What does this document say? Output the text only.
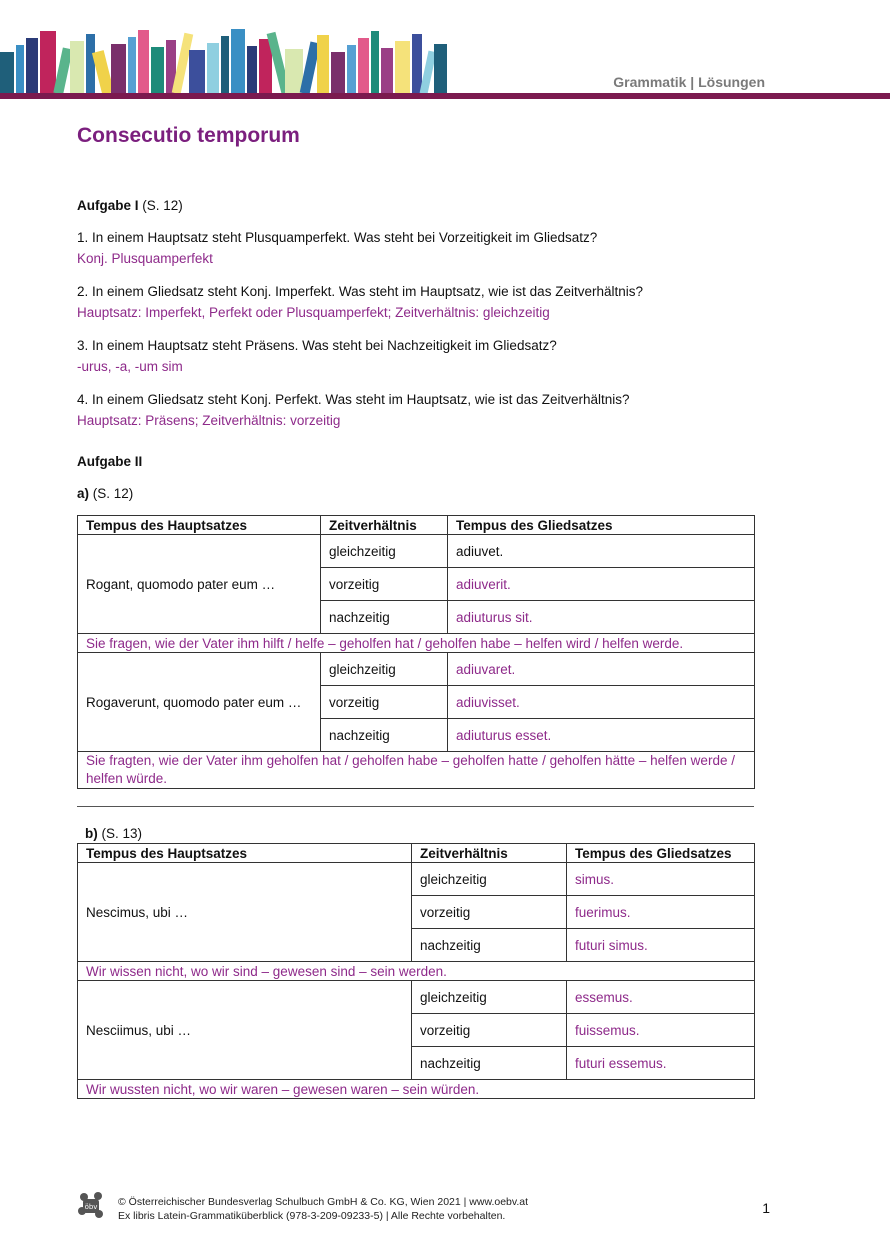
Grammatik | Lösungen
Consecutio temporum
Aufgabe I (S. 12)
1. In einem Hauptsatz steht Plusquamperfekt. Was steht bei Vorzeitigkeit im Gliedsatz?
Konj. Plusquamperfekt
2. In einem Gliedsatz steht Konj. Imperfekt. Was steht im Hauptsatz, wie ist das Zeitverhältnis?
Hauptsatz: Imperfekt, Perfekt oder Plusquamperfekt; Zeitverhältnis: gleichzeitig
3. In einem Hauptsatz steht Präsens. Was steht bei Nachzeitigkeit im Gliedsatz?
-urus, -a, -um sim
4. In einem Gliedsatz steht Konj. Perfekt. Was steht im Hauptsatz, wie ist das Zeitverhältnis?
Hauptsatz: Präsens; Zeitverhältnis: vorzeitig
Aufgabe II
a) (S. 12)
Tempus des Hauptsatzes	Zeitverhältnis	Tempus des Gliedsatzes
Rogant, quomodo pater eum …	gleichzeitig	adiuvet.
	vorzeitig	adiuverit.
	nachzeitig	adiuturus sit.
Sie fragen, wie der Vater ihm hilft / helfe – geholfen hat / geholfen habe – helfen wird / helfen werde.		
Rogaverunt, quomodo pater eum …	gleichzeitig	adiuvaret.
	vorzeitig	adiuvisset.
	nachzeitig	adiuturus esset.
Sie fragten, wie der Vater ihm geholfen hat / geholfen habe – geholfen hatte / geholfen hätte – helfen werde / helfen würde.		
b) (S. 13)
Tempus des Hauptsatzes	Zeitverhältnis	Tempus des Gliedsatzes
Nescimus, ubi …	gleichzeitig	simus.
	vorzeitig	fuerimus.
	nachzeitig	futuri simus.
Wir wissen nicht, wo wir sind – gewesen sind – sein werden.		
Nesciimus, ubi …	gleichzeitig	essemus.
	vorzeitig	fuissemus.
	nachzeitig	futuri essemus.
Wir wussten nicht, wo wir waren – gewesen waren – sein würden.		
öbv © Österreichischer Bundesverlag Schulbuch GmbH & Co. KG, Wien 2021 | www.oebv.at
Ex libris Latein-Grammatiküberblick (978-3-209-09233-5) | Alle Rechte vorbehalten.	1
